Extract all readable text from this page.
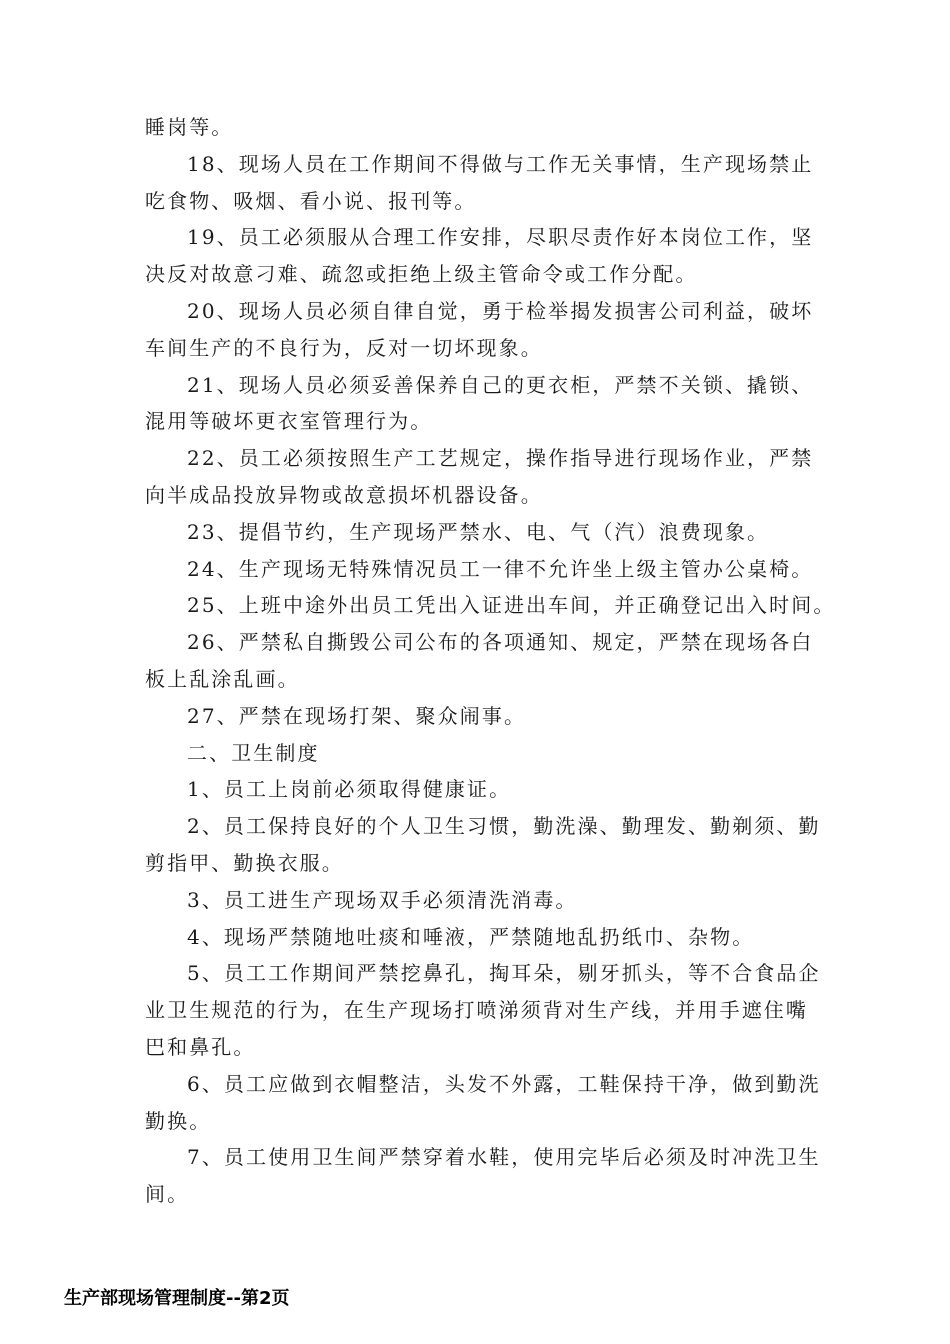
睡岗等。
18、现场人员在工作期间不得做与工作无关事情，生产现场禁止
吃食物、吸烟、看小说、报刊等。
19、员工必须服从合理工作安排，尽职尽责作好本岗位工作，坚
决反对故意刁难、疏忽或拒绝上级主管命令或工作分配。
20、现场人员必须自律自觉，勇于检举揭发损害公司利益，破坏
车间生产的不良行为，反对一切坏现象。
21、现场人员必须妥善保养自己的更衣柜，严禁不关锁、撬锁、
混用等破坏更衣室管理行为。
22、员工必须按照生产工艺规定，操作指导进行现场作业，严禁
向半成品投放异物或故意损坏机器设备。
23、提倡节约，生产现场严禁水、电、气（汽）浪费现象。
24、生产现场无特殊情况员工一律不允许坐上级主管办公桌椅。
25、上班中途外出员工凭出入证进出车间，并正确登记出入时间。
26、严禁私自撕毁公司公布的各项通知、规定，严禁在现场各白
板上乱涂乱画。
27、严禁在现场打架、聚众闹事。
二、卫生制度
1、员工上岗前必须取得健康证。
2、员工保持良好的个人卫生习惯，勤洗澡、勤理发、勤剃须、勤
剪指甲、勤换衣服。
3、员工进生产现场双手必须清洗消毒。
4、现场严禁随地吐痰和唾液，严禁随地乱扔纸巾、杂物。
5、员工工作期间严禁挖鼻孔，掏耳朵，剔牙抓头，等不合食品企
业卫生规范的行为，在生产现场打喷涕须背对生产线，并用手遮住嘴
巴和鼻孔。
6、员工应做到衣帽整洁，头发不外露，工鞋保持干净，做到勤洗
勤换。
7、员工使用卫生间严禁穿着水鞋，使用完毕后必须及时冲洗卫生
间。
生产部现场管理制度--第2页
